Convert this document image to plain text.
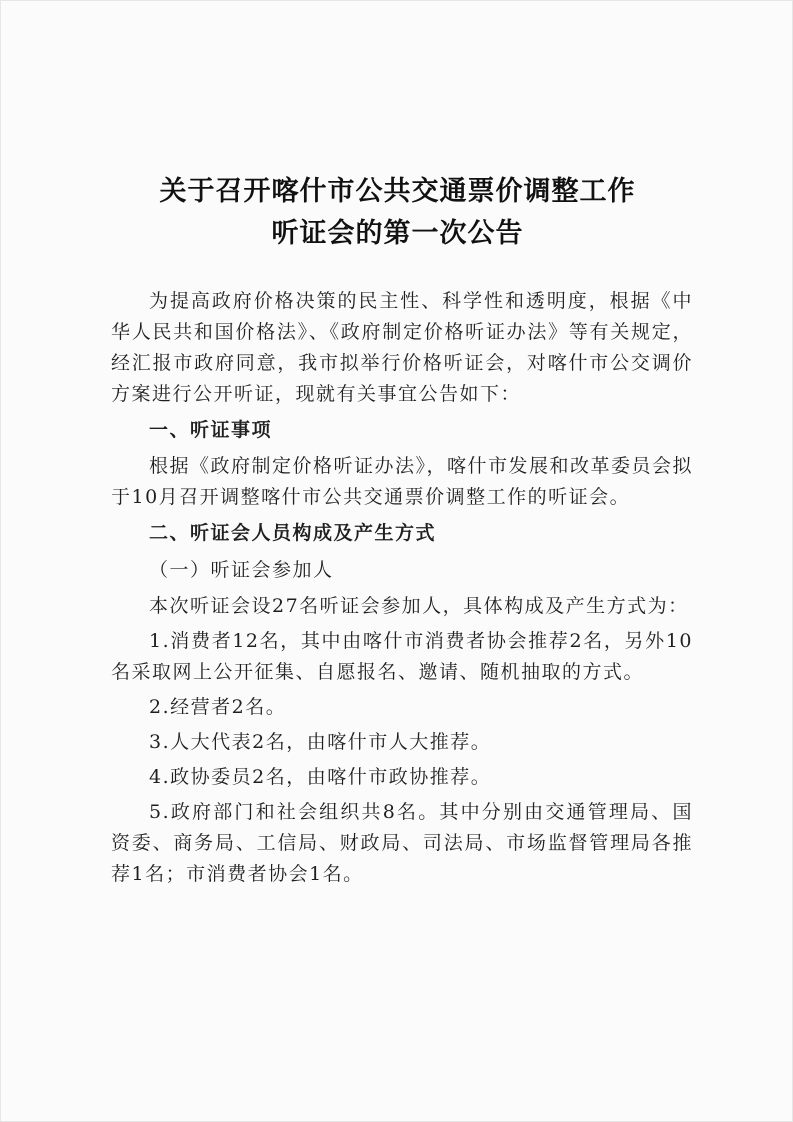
关于召开喀什市公共交通票价调整工作
听证会的第一次公告

为提高政府价格决策的民主性、科学性和透明度，根据《中华人民共和国价格法》、《政府制定价格听证办法》等有关规定，经汇报市政府同意，我市拟举行价格听证会，对喀什市公交调价方案进行公开听证，现就有关事宜公告如下：

一、听证事项

根据《政府制定价格听证办法》，喀什市发展和改革委员会拟于10月召开调整喀什市公共交通票价调整工作的听证会。

二、听证会人员构成及产生方式
（一）听证会参加人

本次听证会设27名听证会参加人，具体构成及产生方式为：

1.消费者12名，其中由喀什市消费者协会推荐2名，另外10名采取网上公开征集、自愿报名、邀请、随机抽取的方式。

2.经营者2名。

3.人大代表2名，由喀什市人大推荐。

4.政协委员2名，由喀什市政协推荐。

5.政府部门和社会组织共8名。其中分别由交通管理局、国资委、商务局、工信局、财政局、司法局、市场监督管理局各推荐1名；市消费者协会1名。
